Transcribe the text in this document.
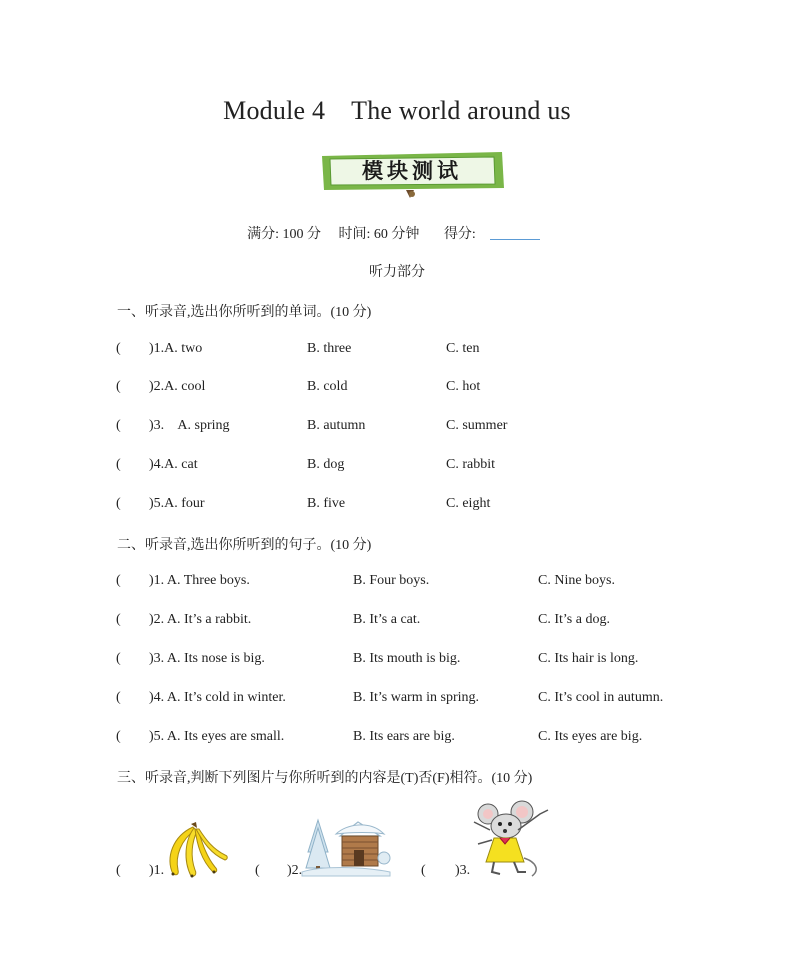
Module 4 The world around us
模块测试
满分: 100 分 时间: 60 分钟 得分:
听力部分
一、听录音,选出你所听到的单词。(10 分)
( )1.A. two	B. three	C. ten
( )2.A. cool	B. cold	C. hot
( )3.    A. spring	B. autumn	C. summer
( )4.A. cat	B. dog	C. rabbit
( )5.A. four	B. five	C. eight
二、听录音,选出你所听到的句子。(10 分)
( )1. A. Three boys.	B. Four boys.	C. Nine boys.
( )2. A. It’s a rabbit.	B. It’s a cat.	C. It’s a dog.
( )3. A. Its nose is big.	B. Its mouth is big.	C. Its hair is long.
( )4. A. It’s cold in winter.	B. It’s warm in spring.	C. It’s cool in autumn.
( )5. A. Its eyes are small.	B. Its ears are big.	C. Its eyes are big.
三、听录音,判断下列图片与你所听到的内容是(T)否(F)相符。(10 分)
( )1.	( )2.	( )3.
